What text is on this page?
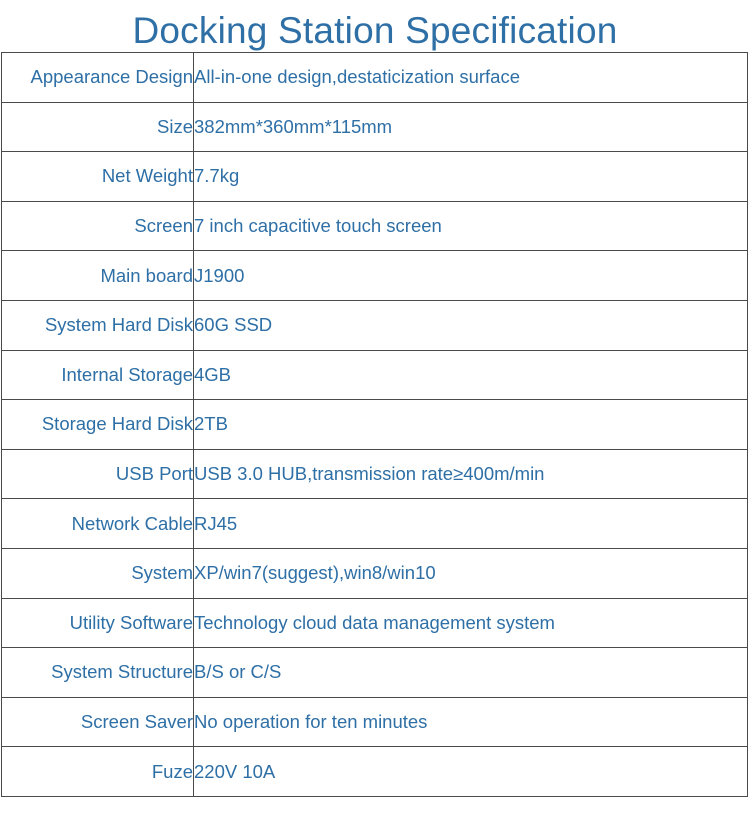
Docking Station Specification
Appearance Design	All-in-one design,destaticization surface
Size	382mm*360mm*115mm
Net Weight	7.7kg
Screen	7 inch capacitive touch screen
Main board	J1900
System Hard Disk	60G SSD
Internal Storage	4GB
Storage Hard Disk	2TB
USB Port	USB 3.0 HUB,transmission rate≥400m/min
Network Cable	RJ45
System	XP/win7(suggest),win8/win10
Utility Software	Technology cloud data management system
System Structure	B/S or C/S
Screen Saver	No operation for ten minutes
Fuze	220V 10A
